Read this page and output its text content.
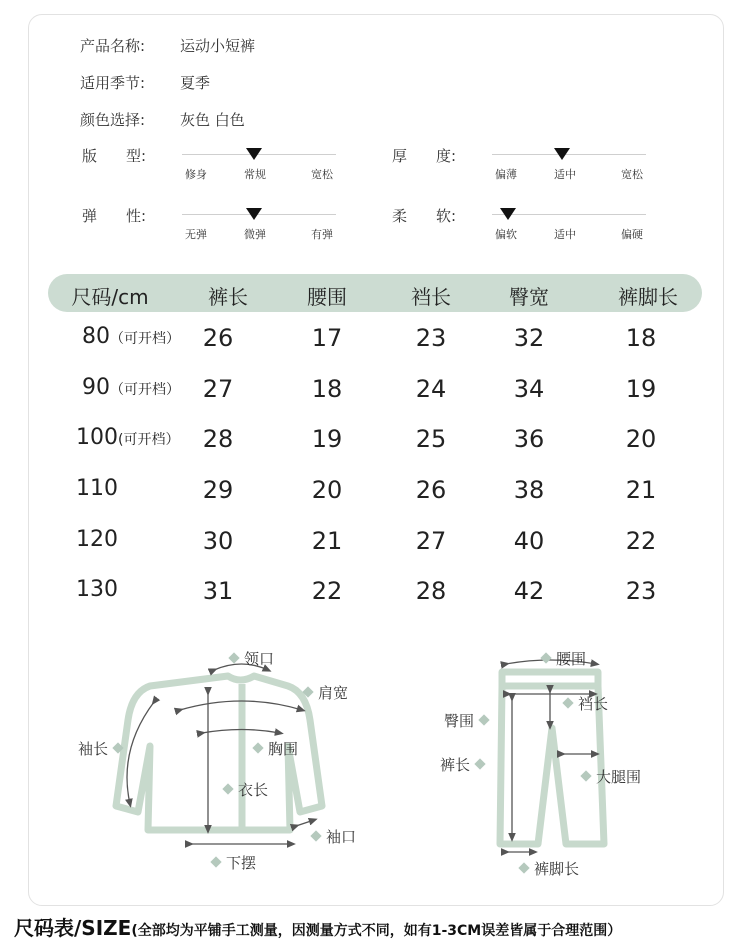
产品名称: 运动小短裤
适用季节: 夏季
颜色选择: 灰色 白色
版 型:
修身	常规	宽松
厚 度:
偏薄	适中	宽松
弹 性:
无弹	微弹	有弹
柔 软:
偏软	适中	偏硬
尺码/cm	裤长	腰围	裆长	臀宽	裤脚长
80（可开档） 26	17	23	32	18
90（可开档） 27	18	24	34	19
100(可开档） 28	19	25	36	20
110	29	20	26	38	21
120	30	21	27	40	22
130	31	22	28	42	23
领口
肩宽
袖长	胸围
衣长
袖口
下摆
腰围
裆长
臀围
裤长
大腿围
裤脚长
尺码表/SIZE(全部均为平铺手工测量，因测量方式不同，如有1-3CM误差皆属于合理范围）
